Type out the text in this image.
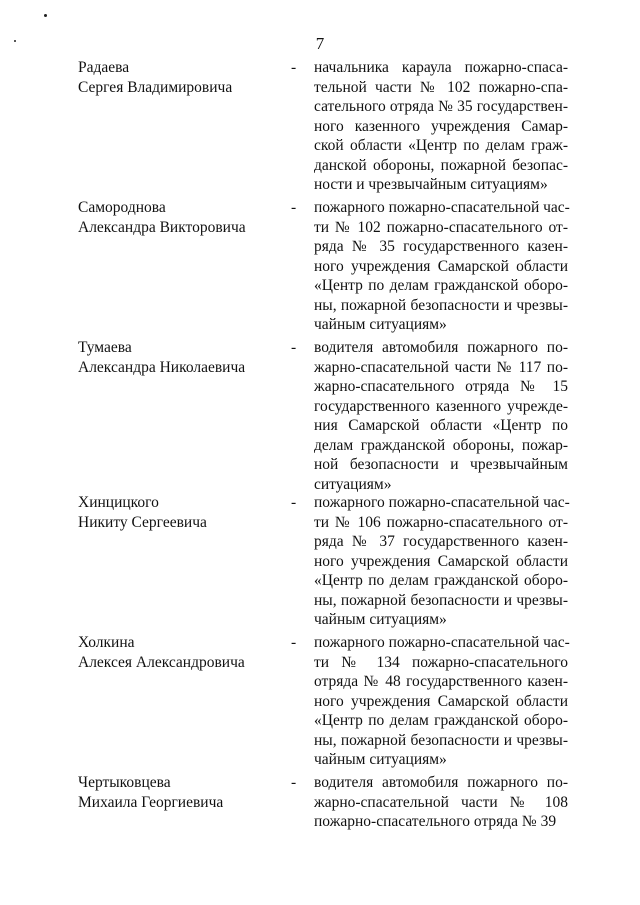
7
Радаева
Сергея Владимировича
- начальника караула пожарно-спаса-
тельной части № 102 пожарно-спа-
сательного отряда № 35 государствен-
ного казенного учреждения Самар-
ской области «Центр по делам граж-
данской обороны, пожарной безопас-
ности и чрезвычайным ситуациям»
Самороднова
Александра Викторовича
- пожарного пожарно-спасательной час-
ти № 102 пожарно-спасательного от-
ряда № 35 государственного казен-
ного учреждения Самарской области
«Центр по делам гражданской оборо-
ны, пожарной безопасности и чрезвы-
чайным ситуациям»
Тумаева
Александра Николаевича
- водителя автомобиля пожарного по-
жарно-спасательной части № 117 по-
жарно-спасательного отряда № 15
государственного казенного учрежде-
ния Самарской области «Центр по
делам гражданской обороны, пожар-
ной безопасности и чрезвычайным
ситуациям»
Хинцицкого
Никиту Сергеевича
- пожарного пожарно-спасательной час-
ти № 106 пожарно-спасательного от-
ряда № 37 государственного казен-
ного учреждения Самарской области
«Центр по делам гражданской оборо-
ны, пожарной безопасности и чрезвы-
чайным ситуациям»
Холкина
Алексея Александровича
- пожарного пожарно-спасательной час-
ти № 134 пожарно-спасательного
отряда № 48 государственного казен-
ного учреждения Самарской области
«Центр по делам гражданской оборо-
ны, пожарной безопасности и чрезвы-
чайным ситуациям»
Чертыковцева
Михаила Георгиевича
- водителя автомобиля пожарного по-
жарно-спасательной части № 108
пожарно-спасательного отряда № 39
